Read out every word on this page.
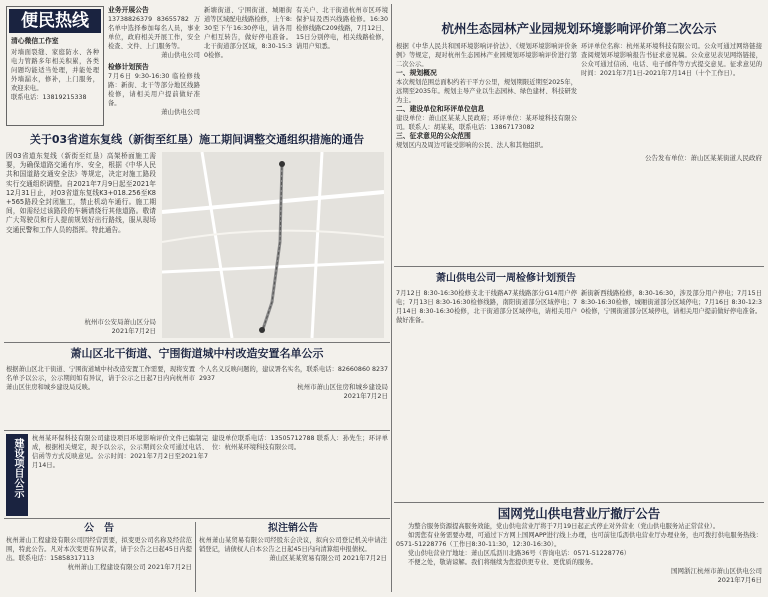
便民热线

清心微信工作室

对墙面裂缝、家庭防水、各种电力管路多年相关积累，各类问题均能适当处理，并能处理外墙漏水，修补，上门服务，欢迎来电。

联系电话：13819215338

业务开展公告

13738826379 83655782 万名单中选择参加每名人员，事业单位，政府相关开展工作，安全检查、文件、上门服务等。

萧山供电公司

检修计划预告

7月6日 9:30-16:30 临检修线路：新街、北干等部分地区线路检修，请相关用户提前做好准备。

萧山供电公司

新塘街道、宁围街道、城厢街道等区域配电线路检修，上午8:30至下午16:30停电，请各用户相互转告，做好停电准备。北干街道部分区域，8:30-15:30检修。

有关户、北干街道杭州市区环境保护局及西兴线路检修。16:30检修线路C209线路，7月12日、15日分别停电，相关线路检修，请用户知悉。

杭州生态园林产业园规划环境影响评价第二次公示

根据《中华人民共和国环境影响评价法》、《规划环境影响评价条例》等规定，现对杭州生态园林产业园规划环境影响评价进行第二次公示。

一、规划概况

本次规划范围总面积约若干平方公里，规划期限近期至2025年，远期至2035年。规划主导产业以生态园林、绿色建材、科技研发为主。

二、建设单位和环评单位信息

建设单位：萧山区某某人民政府；环评单位：某环境科技有限公司。联系人：胡某某，联系电话：13867173082

三、征求意见的公众范围

规划区内及周边可能受影响的公民、法人和其他组织。

环评单位名称：杭州某环境科技有限公司。公众可通过网络链接查阅规划环境影响报告书征求意见稿。公众意见表见网络链接，公众可通过信函、电话、电子邮件等方式提交意见。征求意见的时间：2021年7月1日-2021年7月14日（十个工作日）。

公告发布单位：萧山区某某街道人民政府

关于03省道东复线（新街至红垦）施工期间调整交通组织措施的通告

因03省道东复线（新街至红垦）高架桥面施工需要，为确保道路交通有序、安全，根据《中华人民共和国道路交通安全法》等规定，决定对施工路段实行交通组织调整。自2021年7月9日起至2021年12月31日止，对03省道东复线K3+018.256至K8+565路段全封闭施工，禁止机动车通行。施工期间，如需经过该路段的车辆请绕行其他道路。敬请广大驾驶员和行人提前规划好出行路线，服从现场交通民警和工作人员的指挥。特此通告。

杭州市公安局萧山区分局

2021年7月2日

萧山区北干街道、宁围街道城中村改造安置名单公示

根据萧山区北干街道、宁围街道城中村改造安置工作需要，现将安置名单予以公示，公示期间如有异议，请于公示之日起7日内向杭州市萧山区住房和城乡建设局反映。

个人名义反映问题的，建议署名实名，联系电话：82660860 82372937

杭州市萧山区住房和城乡建设局

2021年7月2日

建设项目公示	杭州某环保科技有限公司建设项目环境影响评价文件已编制完成，根据相关规定，现予以公示，公示期间公众可通过电话、信函等方式反映意见。公示时间：2021年7月2日至2021年7月14日。

建设单位联系电话：13505712788 联系人：孙先生；环评单位：杭州某环境科技有限公司。

公　告

杭州萧山工程建设有限公司因经营需要，拟变更公司名称及经营范围，特此公告。凡对本次变更有异议者，请于公告之日起45日内提出。联系电话：15858317113

杭州萧山工程建设有限公司 2021年7月2日

拟注销公告

杭州萧山某贸易有限公司经股东会决议，拟向公司登记机关申请注销登记，请债权人自本公告之日起45日内向清算组申报债权。

萧山区某某贸易有限公司 2021年7月2日

萧山供电公司一周检修计划预告

7月12日 8:30-16:30检修支北干线路A7某线路部分G14用户停电；7月13日 8:30-16:30检修线路，南阳街道部分区域停电；7月14日 8:30-16:30检修，北干街道部分区域停电，请相关用户做好准备。

新街新西线路检修，8:30-16:30，涉及部分用户停电；7月15日 8:30-16:30检修，城厢街道部分区域停电；7月16日 8:30-12:30检修，宁围街道部分区域停电，请相关用户提前做好停电准备。

国网党山供电营业厅撤厅公告

为整合服务资源提高服务效能，党山供电营业厅将于7月19日起正式停止对外营业（党山供电服务站正常营业）。

如需您有业务需要办理，可通过下方网上国网APP进行线上办理，也可前往瓜沥供电营业厅办理业务，也可拨打供电服务热线：0571-51228776（工作日8:30-11:30，12:30-16:30）。

党山供电营业厅地址：萧山区瓜沥川北路36号（咨询电话：0571-51228776）

不便之处，敬请谅解。我们将继续为您提供更专业、更优质的服务。

国网浙江杭州市萧山区供电公司

2021年7月6日
